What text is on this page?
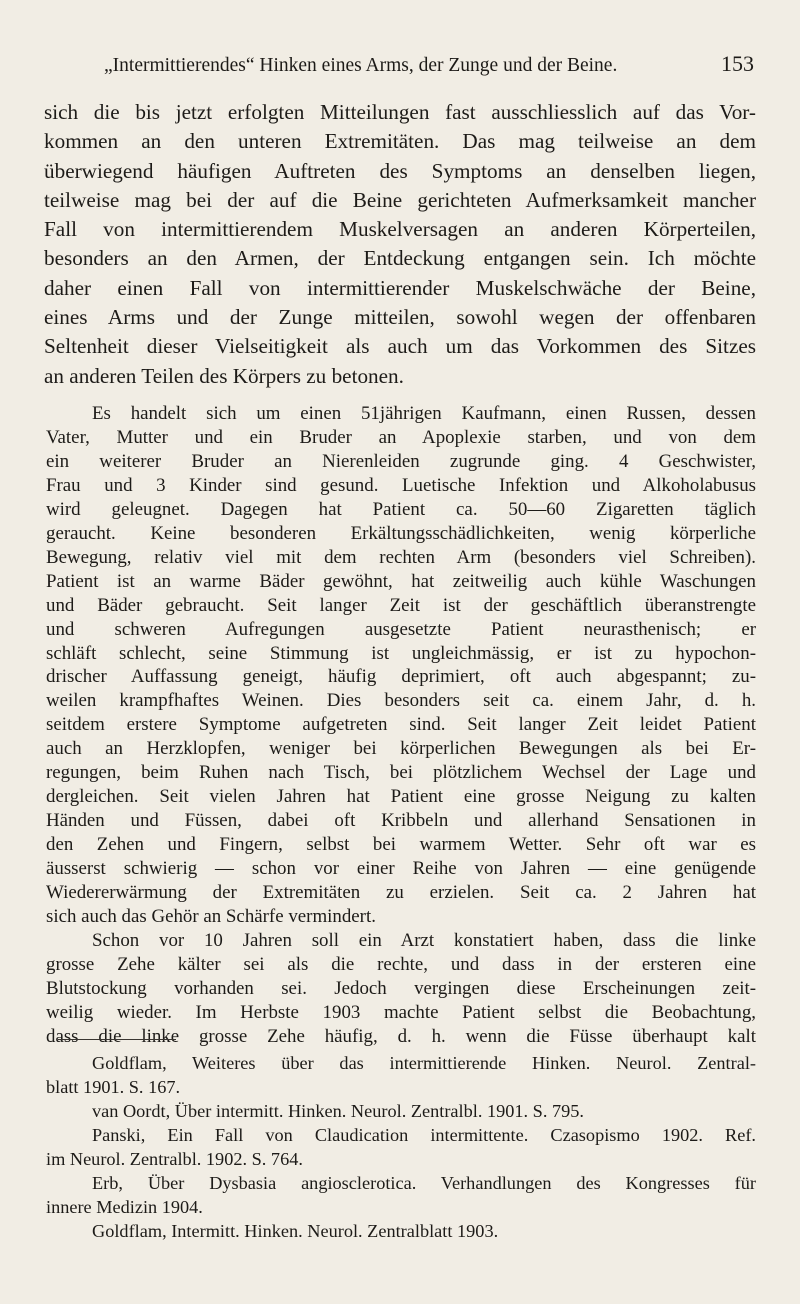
„Intermittierendes“ Hinken eines Arms, der Zunge und der Beine.	153
sich die bis jetzt erfolgten Mitteilungen fast ausschliesslich auf das Vor-
kommen an den unteren Extremitäten. Das mag teilweise an dem
überwiegend häufigen Auftreten des Symptoms an denselben liegen,
teilweise mag bei der auf die Beine gerichteten Aufmerksamkeit mancher
Fall von intermittierendem Muskelversagen an anderen Körperteilen,
besonders an den Armen, der Entdeckung entgangen sein. Ich möchte
daher einen Fall von intermittierender Muskelschwäche der Beine,
eines Arms und der Zunge mitteilen, sowohl wegen der offenbaren
Seltenheit dieser Vielseitigkeit als auch um das Vorkommen des Sitzes
an anderen Teilen des Körpers zu betonen.
Es handelt sich um einen 51jährigen Kaufmann, einen Russen, dessen
Vater, Mutter und ein Bruder an Apoplexie starben, und von dem
ein weiterer Bruder an Nierenleiden zugrunde ging. 4 Geschwister,
Frau und 3 Kinder sind gesund. Luetische Infektion und Alkoholabusus
wird geleugnet. Dagegen hat Patient ca. 50—60 Zigaretten täglich
geraucht. Keine besonderen Erkältungsschädlichkeiten, wenig körperliche
Bewegung, relativ viel mit dem rechten Arm (besonders viel Schreiben).
Patient ist an warme Bäder gewöhnt, hat zeitweilig auch kühle Waschungen
und Bäder gebraucht. Seit langer Zeit ist der geschäftlich überanstrengte
und schweren Aufregungen ausgesetzte Patient neurasthenisch; er
schläft schlecht, seine Stimmung ist ungleichmässig, er ist zu hypochon-
drischer Auffassung geneigt, häufig deprimiert, oft auch abgespannt; zu-
weilen krampfhaftes Weinen. Dies besonders seit ca. einem Jahr, d. h.
seitdem erstere Symptome aufgetreten sind. Seit langer Zeit leidet Patient
auch an Herzklopfen, weniger bei körperlichen Bewegungen als bei Er-
regungen, beim Ruhen nach Tisch, bei plötzlichem Wechsel der Lage und
dergleichen. Seit vielen Jahren hat Patient eine grosse Neigung zu kalten
Händen und Füssen, dabei oft Kribbeln und allerhand Sensationen in
den Zehen und Fingern, selbst bei warmem Wetter. Sehr oft war es
äusserst schwierig — schon vor einer Reihe von Jahren — eine genügende
Wiedererwärmung der Extremitäten zu erzielen. Seit ca. 2 Jahren hat
sich auch das Gehör an Schärfe vermindert.
Schon vor 10 Jahren soll ein Arzt konstatiert haben, dass die linke
grosse Zehe kälter sei als die rechte, und dass in der ersteren eine
Blutstockung vorhanden sei. Jedoch vergingen diese Erscheinungen zeit-
weilig wieder. Im Herbste 1903 machte Patient selbst die Beobachtung,
dass die linke grosse Zehe häufig, d. h. wenn die Füsse überhaupt kalt
Goldflam, Weiteres über das intermittierende Hinken. Neurol. Zentral-
blatt 1901. S. 167.
van Oordt, Über intermitt. Hinken. Neurol. Zentralbl. 1901. S. 795.
Panski, Ein Fall von Claudication intermittente. Czasopismo 1902. Ref.
im Neurol. Zentralbl. 1902. S. 764.
Erb, Über Dysbasia angiosclerotica. Verhandlungen des Kongresses für
innere Medizin 1904.
Goldflam, Intermitt. Hinken. Neurol. Zentralblatt 1903.
